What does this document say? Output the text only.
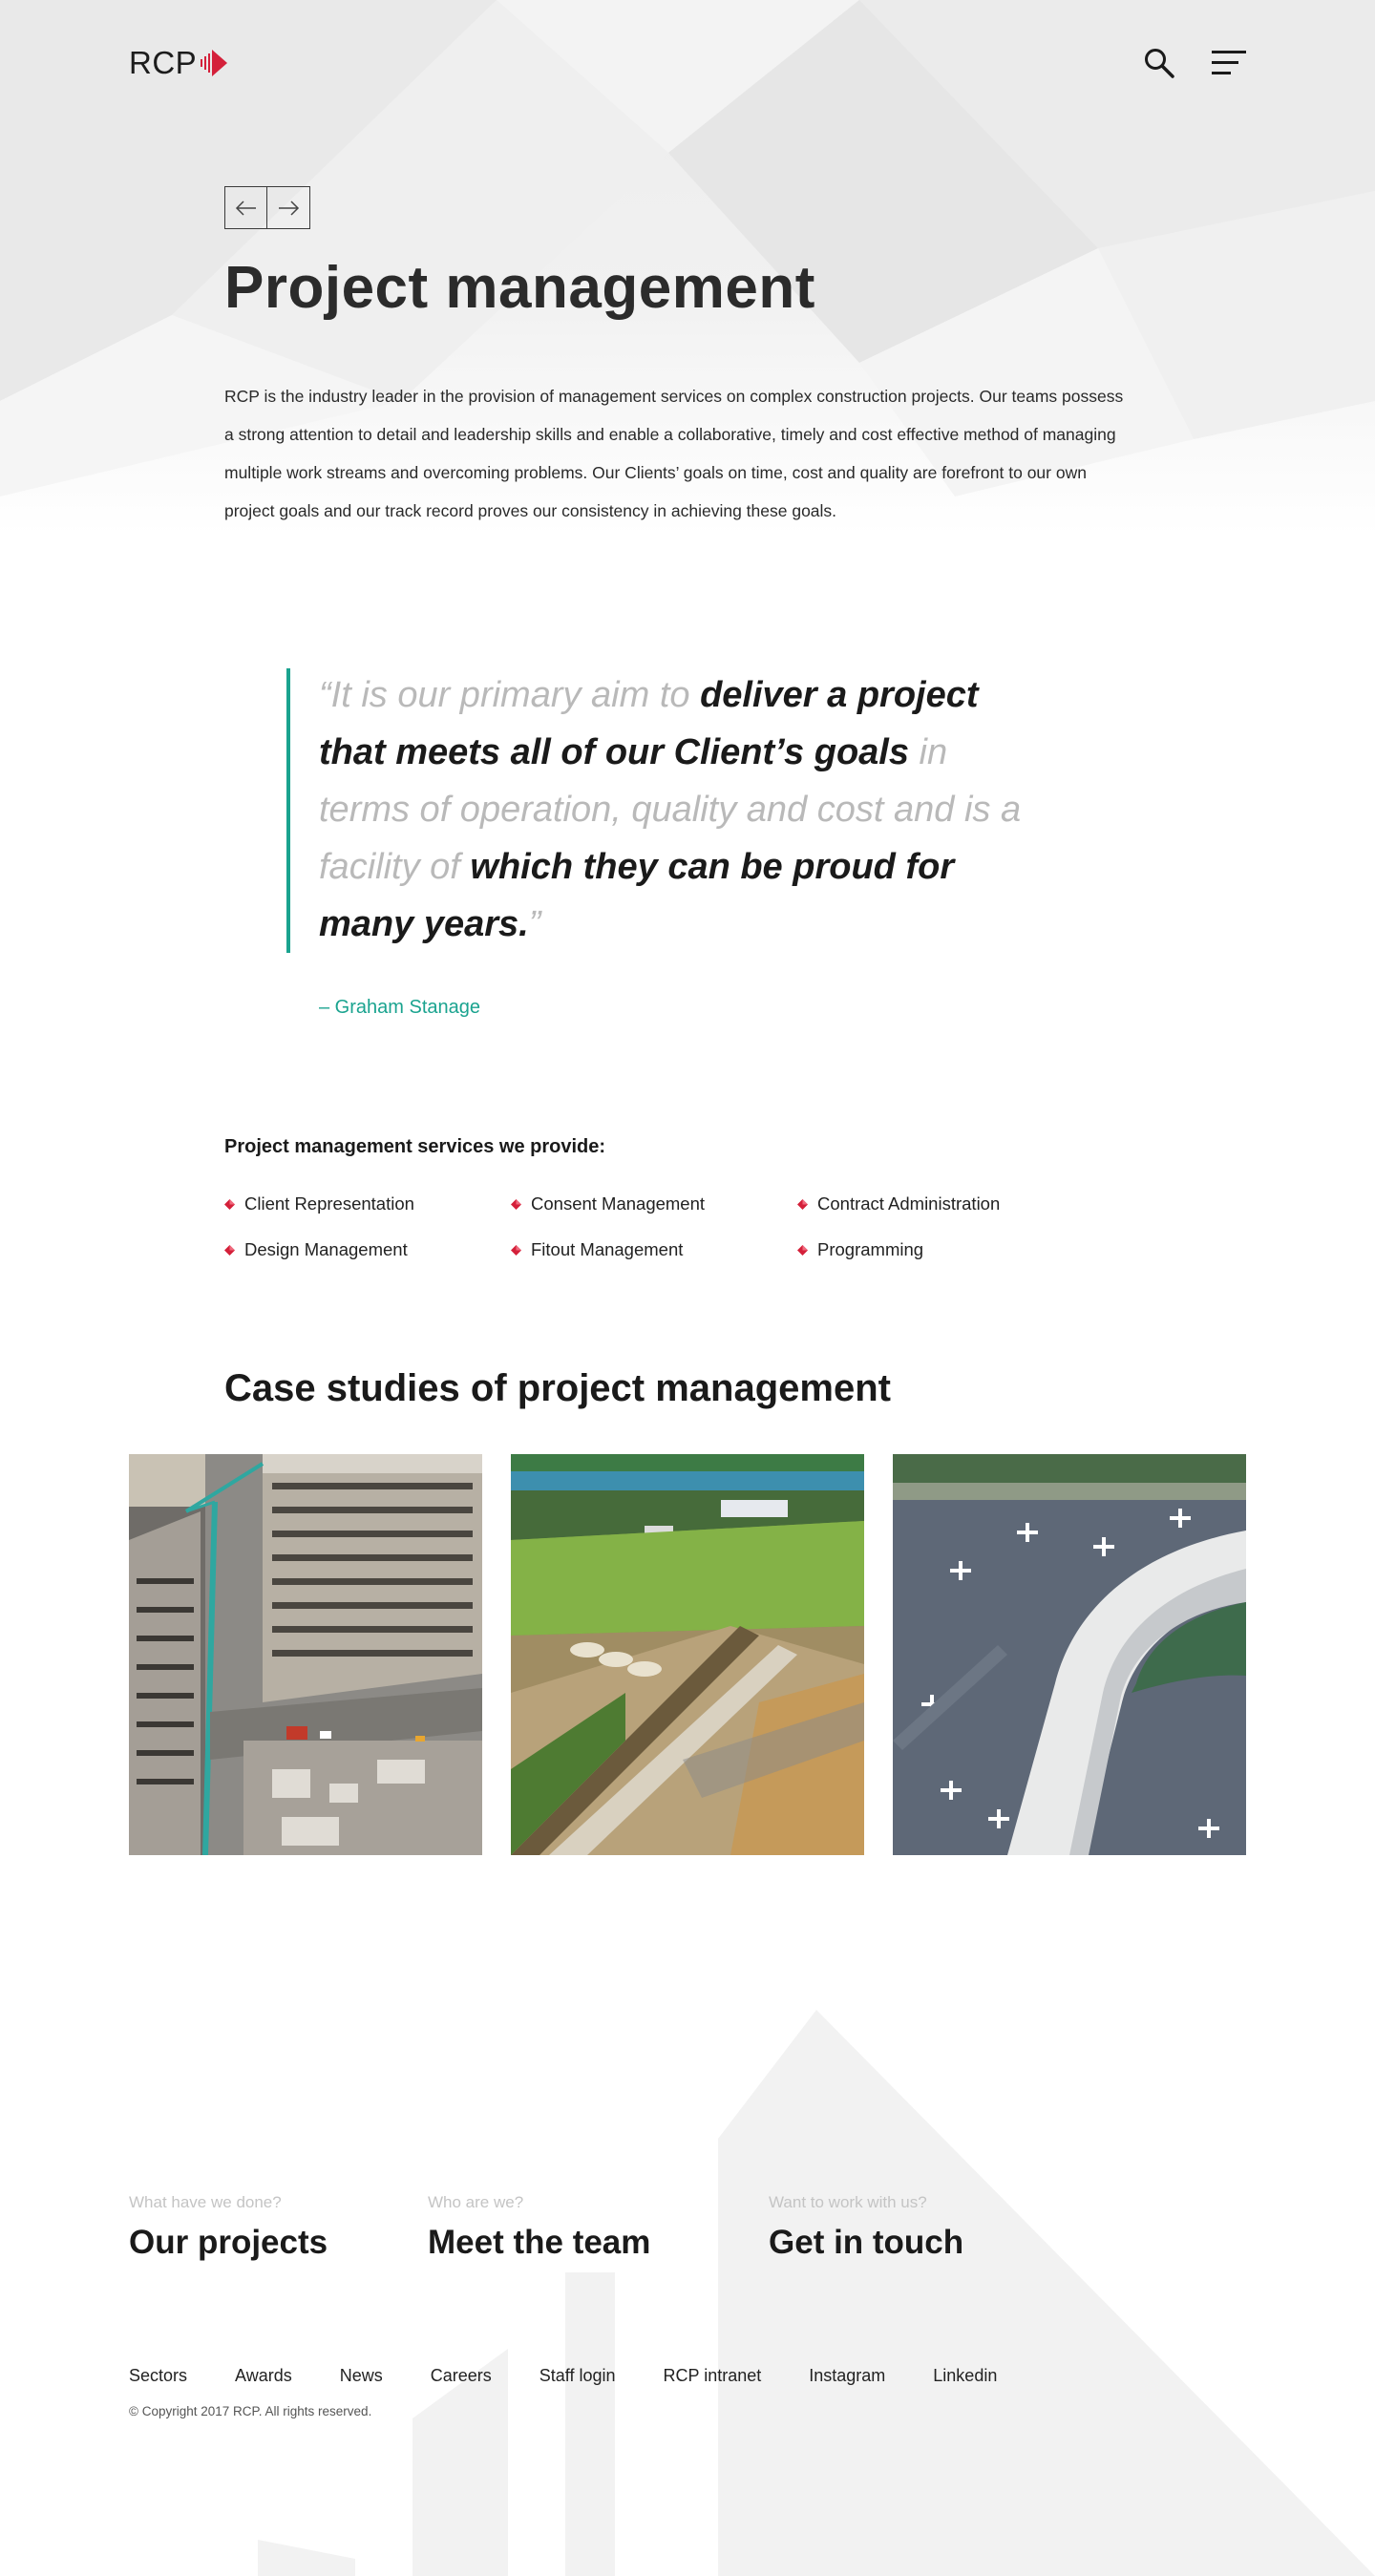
RCP
Project management

RCP is the industry leader in the provision of management services on complex construction projects. Our teams possess a strong attention to detail and leadership skills and enable a collaborative, timely and cost effective method of managing multiple work streams and overcoming problems. Our Clients’ goals on time, cost and quality are forefront to our own project goals and our track record proves our consistency in achieving these goals.

“It is our primary aim to deliver a project that meets all of our Client’s goals in terms of operation, quality and cost and is a facility of which they can be proud for many years.”

– Graham Stanage
Project management services we provide:
Client Representation	Consent Management	Contract Administration
Design Management	Fitout Management	Programming
Case studies of project management
What have we done?
Our projects
Who are we?
Meet the team
Want to work with us?
Get in touch
Sectors	Awards	News	Careers	Staff login	RCP intranet	Instagram	Linkedin
© Copyright 2017 RCP. All rights reserved.
